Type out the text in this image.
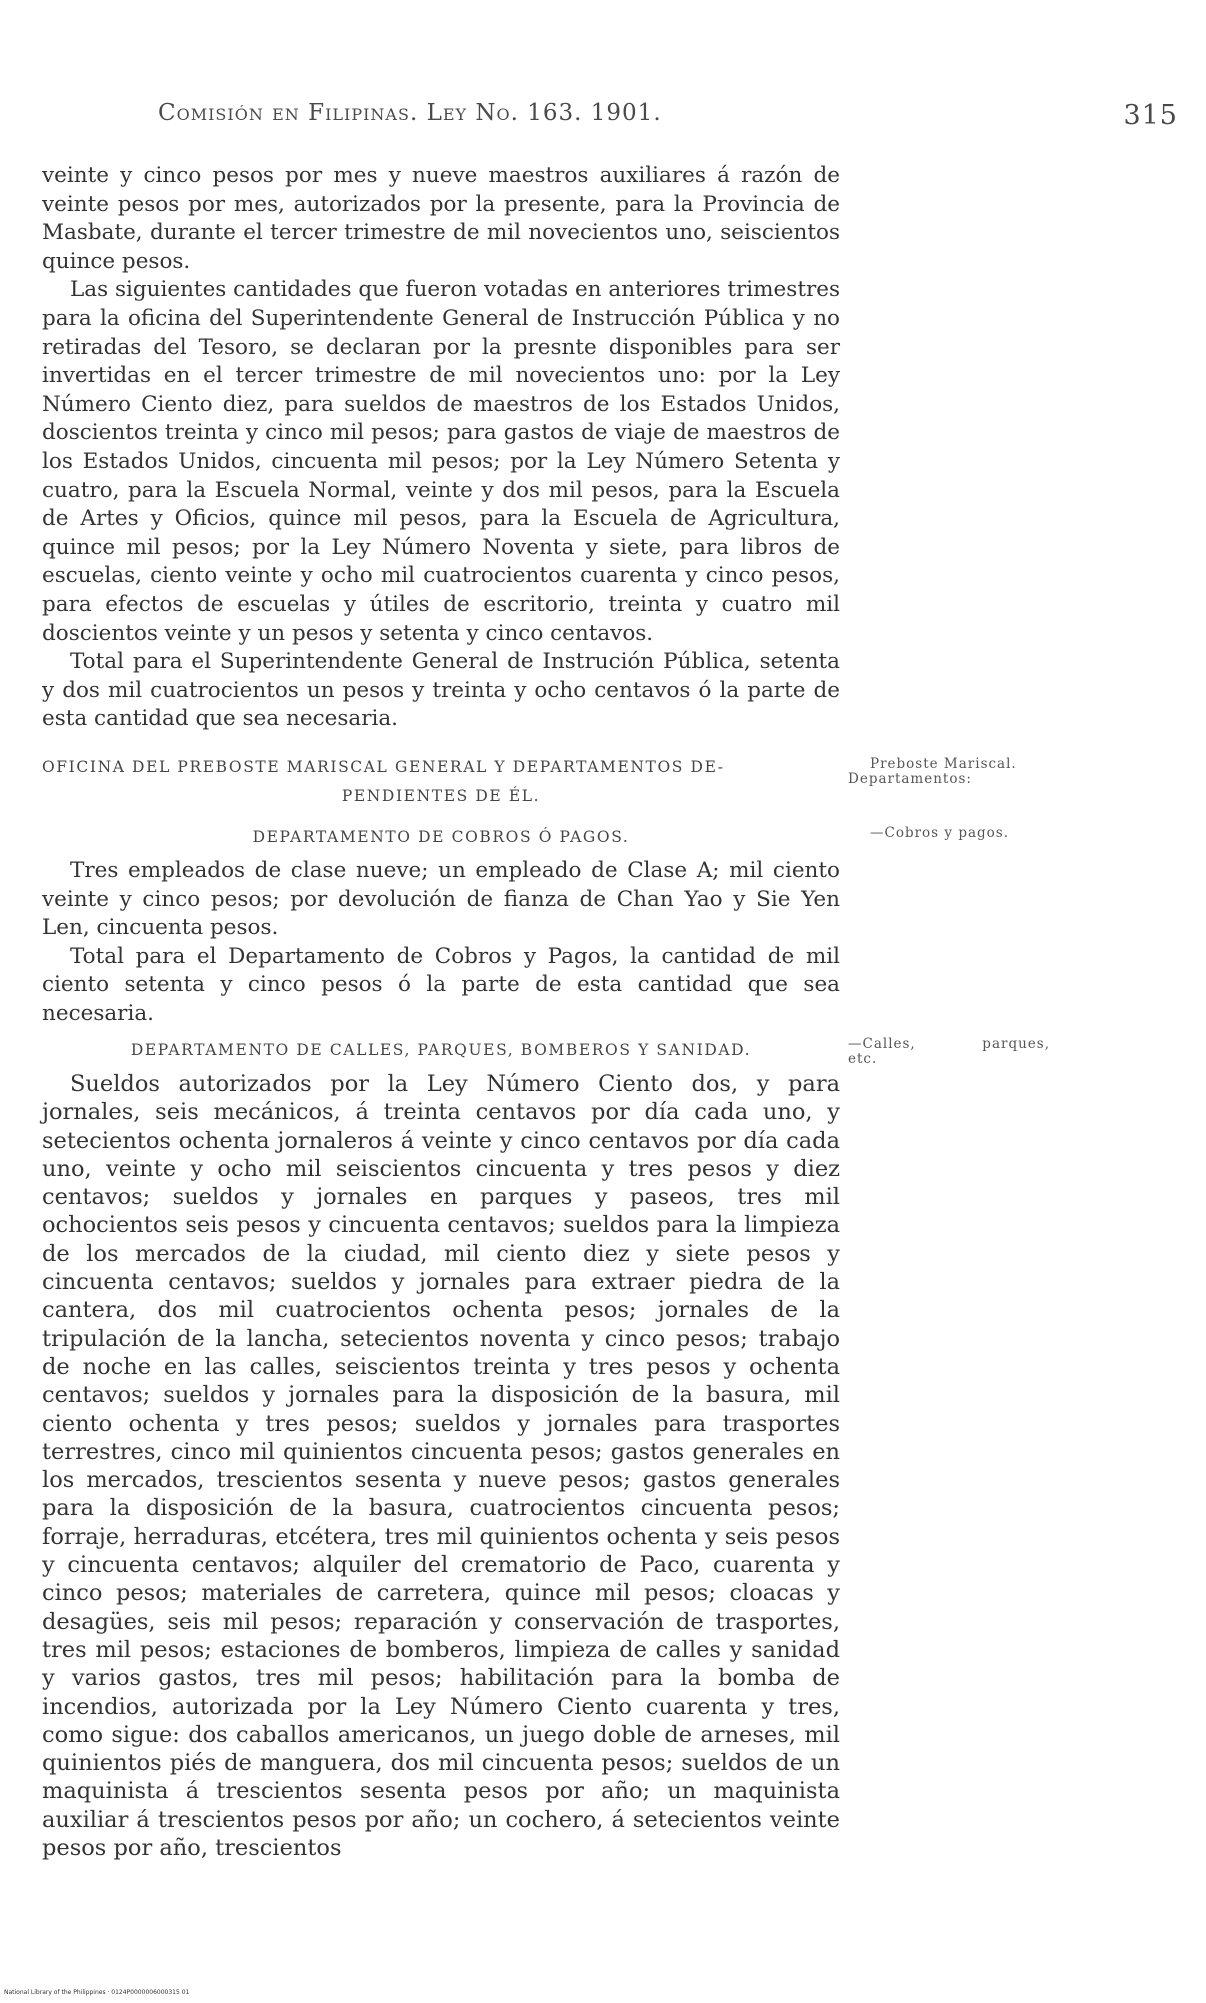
Comisión en Filipinas. Ley No. 163. 1901.	315

veinte y cinco pesos por mes y nueve maestros auxiliares á razón de veinte pesos por mes, autorizados por la presente, para la Provincia de Masbate, durante el tercer trimestre de mil novecientos uno, seiscientos quince pesos.

Las siguientes cantidades que fueron votadas en anteriores trimestres para la oficina del Superintendente General de Instrucción Pública y no retiradas del Tesoro, se declaran por la presnte disponibles para ser invertidas en el tercer trimestre de mil novecientos uno: por la Ley Número Ciento diez, para sueldos de maestros de los Estados Unidos, doscientos treinta y cinco mil pesos; para gastos de viaje de maestros de los Estados Unidos, cincuenta mil pesos; por la Ley Número Setenta y cuatro, para la Escuela Normal, veinte y dos mil pesos, para la Escuela de Artes y Oficios, quince mil pesos, para la Escuela de Agricultura, quince mil pesos; por la Ley Número Noventa y siete, para libros de escuelas, ciento veinte y ocho mil cuatrocientos cuarenta y cinco pesos, para efectos de escuelas y útiles de escritorio, treinta y cuatro mil doscientos veinte y un pesos y setenta y cinco centavos.

Total para el Superintendente General de Instrución Pública, setenta y dos mil cuatrocientos un pesos y treinta y ocho centavos ó la parte de esta cantidad que sea necesaria.

OFICINA DEL PREBOSTE MARISCAL GENERAL Y DEPARTAMENTOS DE-
PENDIENTES DE ÉL.
Preboste Mariscal.
Departamentos:
DEPARTAMENTO DE COBROS Ó PAGOS.	—Cobros y pagos.

Tres empleados de clase nueve; un empleado de Clase A; mil ciento veinte y cinco pesos; por devolución de fianza de Chan Yao y Sie Yen Len, cincuenta pesos.

Total para el Departamento de Cobros y Pagos, la cantidad de mil ciento setenta y cinco pesos ó la parte de esta cantidad que sea necesaria.

DEPARTAMENTO DE CALLES, PARQUES, BOMBEROS Y SANIDAD.	—Calles, parques,
etc.

Sueldos autorizados por la Ley Número Ciento dos, y para jornales, seis mecánicos, á treinta centavos por día cada uno, y setecientos ochenta jornaleros á veinte y cinco centavos por día cada uno, veinte y ocho mil seiscientos cincuenta y tres pesos y diez centavos; sueldos y jornales en parques y paseos, tres mil ochocientos seis pesos y cincuenta centavos; sueldos para la limpieza de los mercados de la ciudad, mil ciento diez y siete pesos y cincuenta centavos; sueldos y jornales para extraer piedra de la cantera, dos mil cuatrocientos ochenta pesos; jornales de la tripulación de la lancha, setecientos noventa y cinco pesos; trabajo de noche en las calles, seiscientos treinta y tres pesos y ochenta centavos; sueldos y jornales para la disposición de la basura, mil ciento ochenta y tres pesos; sueldos y jornales para trasportes terrestres, cinco mil quinientos cincuenta pesos; gastos generales en los mercados, trescientos sesenta y nueve pesos; gastos generales para la disposición de la basura, cuatrocientos cincuenta pesos; forraje, herraduras, etcétera, tres mil quinientos ochenta y seis pesos y cincuenta centavos; alquiler del crematorio de Paco, cuarenta y cinco pesos; materiales de carretera, quince mil pesos; cloacas y desagües, seis mil pesos; reparación y conservación de trasportes, tres mil pesos; estaciones de bomberos, limpieza de calles y sanidad y varios gastos, tres mil pesos; habilitación para la bomba de incendios, autorizada por la Ley Número Ciento cuarenta y tres, como sigue: dos caballos americanos, un juego doble de arneses, mil quinientos piés de manguera, dos mil cincuenta pesos; sueldos de un maquinista á trescientos sesenta pesos por año; un maquinista auxiliar á trescientos pesos por año; un cochero, á setecientos veinte pesos por año, trescientos

National Library of the Philippines · 0124P0000006000315 01
